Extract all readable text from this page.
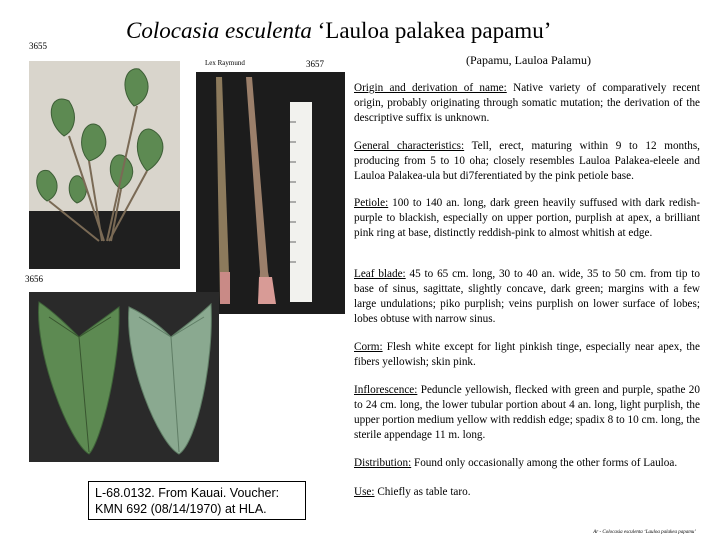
3655
3656
3657
Lex Raymund
Colocasia esculenta ‘Lauloa palakea papamu’
(Papamu, Lauloa Palamu)
Origin and derivation of name: Native variety of comparatively recent origin, probably originating through somatic mutation; the derivation of the descriptive suffix is unknown.
General characteristics: Tell, erect, maturing within 9 to 12 months, producing from 5 to 10 oha; closely resembles Lauloa Palakea-eleele and Lauloa Palakea-ula but di7ferentiated by the pink petiole base.
Petiole: 100 to 140 an. long, dark green heavily suffused with dark redish-purple to blackish, especially on upper portion, purplish at apex, a brilliant pink ring at base, distinctly reddish-pink to almost whitish at edge.
Leaf blade: 45 to 65 cm. long, 30 to 40 an. wide, 35 to 50 cm. from tip to base of sinus, sagittate, slightly concave, dark green; margins with a few large undulations; piko purplish; veins purplish on lower surface of lobes; lobes obtuse with narrow sinus.
Corm: Flesh white except for light pinkish tinge, especially near apex, the fibers yellowish; skin pink.
Inflorescence: Peduncle yellowish, flecked with green and purple, spathe 20 to 24 cm. long, the lower tubular portion about 4 an. long, light purplish, the upper portion medium yellow with reddish edge; spadix 8 to 10 cm. long, the sterile appendage 11 m. long.
Distribution: Found only occasionally among the other forms of Lauloa.
Use: Chiefly as table taro.
L-68.0132. From Kauai. Voucher:
KMN 692 (08/14/1970) at HLA.
Ar - Colocasia esculenta ‘Lauloa palakea papamu’
